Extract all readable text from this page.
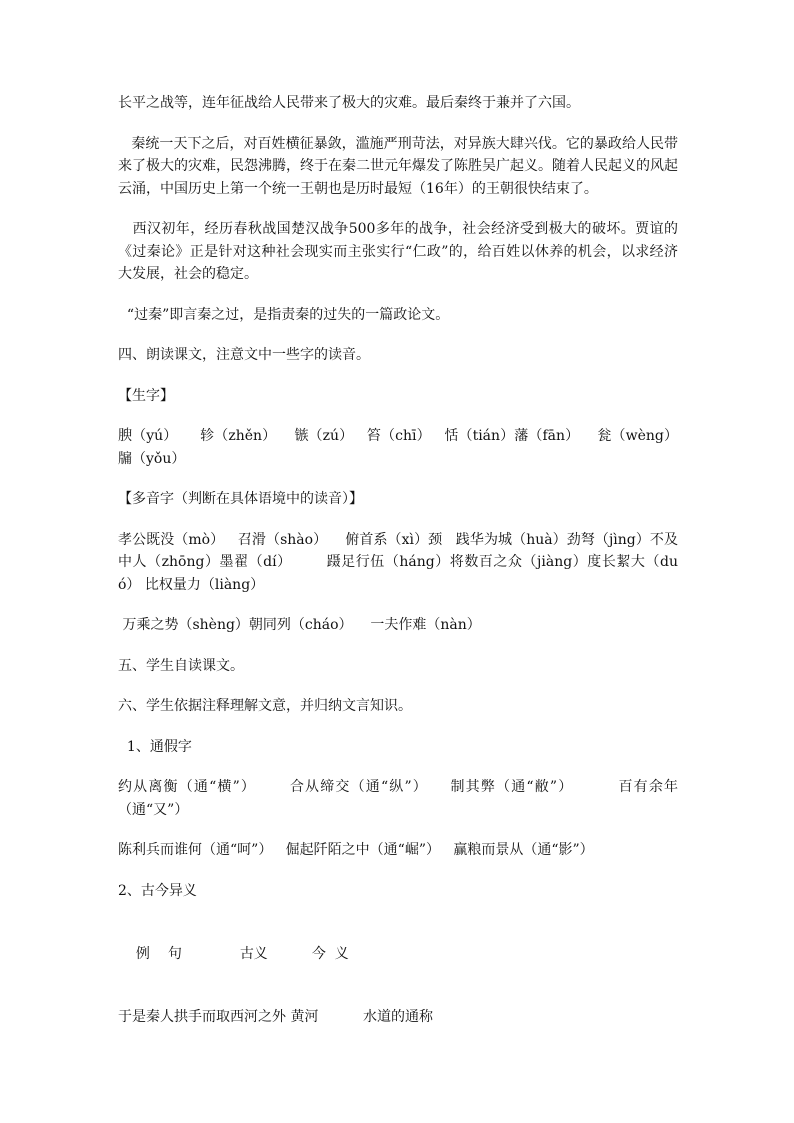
长平之战等，连年征战给人民带来了极大的灾难。最后秦终于兼并了六国。

秦统一天下之后，对百姓横征暴敛，滥施严刑苛法，对异族大肆兴伐。它的暴政给人民带来了极大的灾难，民怨沸腾，终于在秦二世元年爆发了陈胜吴广起义。随着人民起义的风起云涌，中国历史上第一个统一王朝也是历时最短（16年）的王朝很快结束了。

西汉初年，经历春秋战国楚汉战争500多年的战争，社会经济受到极大的破坏。贾谊的《过秦论》正是针对这种社会现实而主张实行“仁政”的，给百姓以休养的机会，以求经济大发展，社会的稳定。

“过秦”即言秦之过，是指责秦的过失的一篇政论文。

四、朗读课文，注意文中一些字的读音。

【生字】

腴（yú）     轸（zhěn）    镞（zú）   笞（chī）   恬（tián）藩（fān）    瓮（wèng）    牖（yǒu）

【多音字（判断在具体语境中的读音）】

孝公既没（mò）   召滑（shào）    俯首系（xì）颈   践华为城（huà）劲弩（jìng）不及中人（zhōng）墨翟（dí）       蹑足行伍（háng）将数百之众（jiàng）度长絜大（duó） 比权量力（liàng）

万乘之势（shèng）朝同列（cháo）    一夫作难（nàn）

五、学生自读课文。

六、学生依据注释理解文意，并归纳文言知识。

1、通假字

约从离衡（通“横”）      合从缔交（通“纵”）    制其弊（通“敝”）        百有余年（通“又”）

陈利兵而谁何（通“呵”）   倔起阡陌之中（通“崛”）   赢粮而景从（通“影”）

2、古今异义

例 句	古义	今  义

于是秦人拱手而取西河之外 黄河          水道的通称
